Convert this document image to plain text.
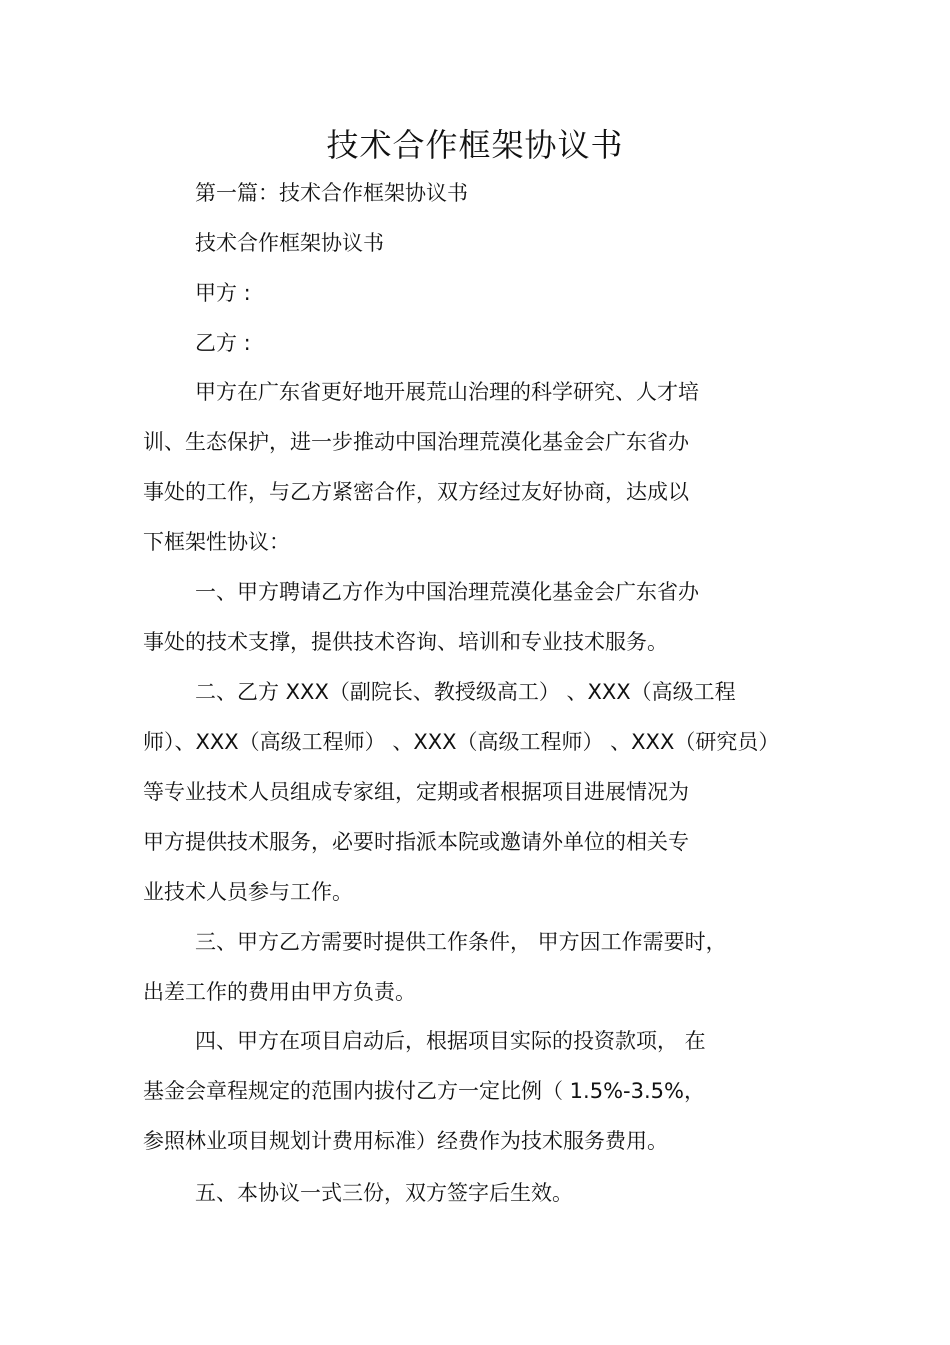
技术合作框架协议书
第一篇：技术合作框架协议书
技术合作框架协议书
甲方 :
乙方 :
甲方在广东省更好地开展荒山治理的科学研究、人才培
训、生态保护，进一步推动中国治理荒漠化基金会广东省办
事处的工作，与乙方紧密合作，双方经过友好协商，达成以
下框架性协议：
一、甲方聘请乙方作为中国治理荒漠化基金会广东省办
事处的技术支撑，提供技术咨询、培训和专业技术服务。
二、乙方 XXX（副院长、教授级高工） 、XXX（高级工程
师）、XXX（高级工程师） 、XXX（高级工程师） 、XXX（研究员）
等专业技术人员组成专家组，定期或者根据项目进展情况为
甲方提供技术服务，必要时指派本院或邀请外单位的相关专
业技术人员参与工作。
三、甲方乙方需要时提供工作条件， 甲方因工作需要时，
出差工作的费用由甲方负责。
四、甲方在项目启动后，根据项目实际的投资款项， 在
基金会章程规定的范围内拔付乙方一定比例（ 1.5%-3.5%，
参照林业项目规划计费用标准）经费作为技术服务费用。
五、本协议一式三份，双方签字后生效。
